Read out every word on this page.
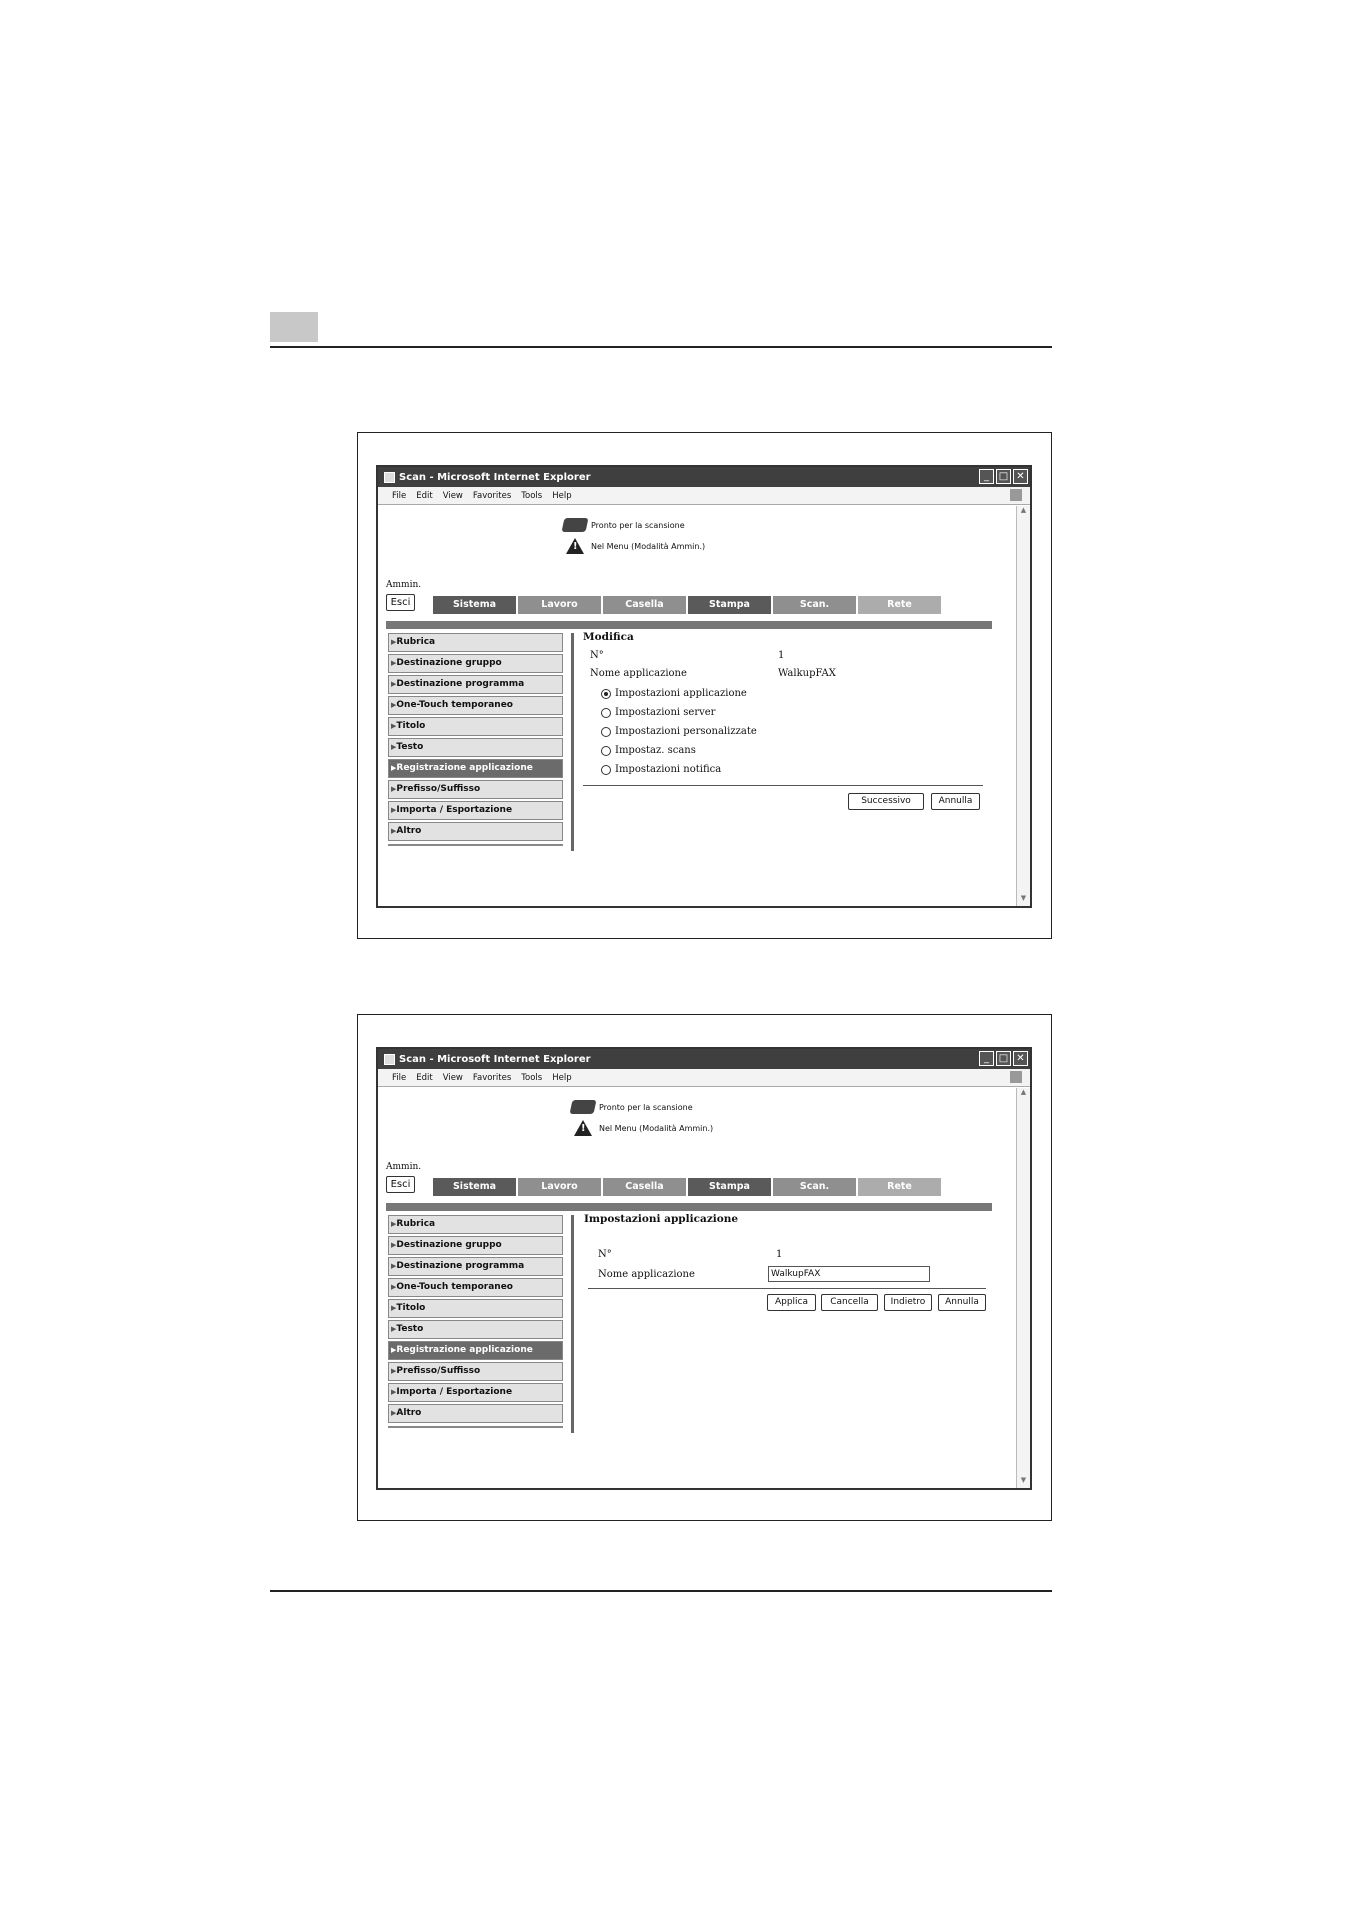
Scan - Microsoft Internet Explorer	_ □ ✕
File Edit View Favorites Tools Help
▲
▼
Pronto per la scansione
!
Nel Menu (Modalità Ammin.)
Ammin.
Esci	Sistema	Lavoro	Casella	Stampa	Scan.	Rete
▶Rubrica
▶Destinazione gruppo
▶Destinazione programma
▶One-Touch temporaneo
▶Titolo
▶Testo
▶Registrazione applicazione
▶Prefisso/Suffisso
▶Importa / Esportazione
▶Altro
Modifica
N°	1
Nome applicazione	WalkupFAX
Impostazioni applicazione
Impostazioni server
Impostazioni personalizzate
Impostaz. scans
Impostazioni notifica
Successivo	Annulla
Scan - Microsoft Internet Explorer	_ □ ✕
File Edit View Favorites Tools Help
▲
▼
Pronto per la scansione
!
Nel Menu (Modalità Ammin.)
Ammin.
Esci	Sistema	Lavoro	Casella	Stampa	Scan.	Rete
▶Rubrica
▶Destinazione gruppo
▶Destinazione programma
▶One-Touch temporaneo
▶Titolo
▶Testo
▶Registrazione applicazione
▶Prefisso/Suffisso
▶Importa / Esportazione
▶Altro
Impostazioni applicazione
N°	1
Nome applicazione	WalkupFAX
Applica	Cancella	Indietro	Annulla
